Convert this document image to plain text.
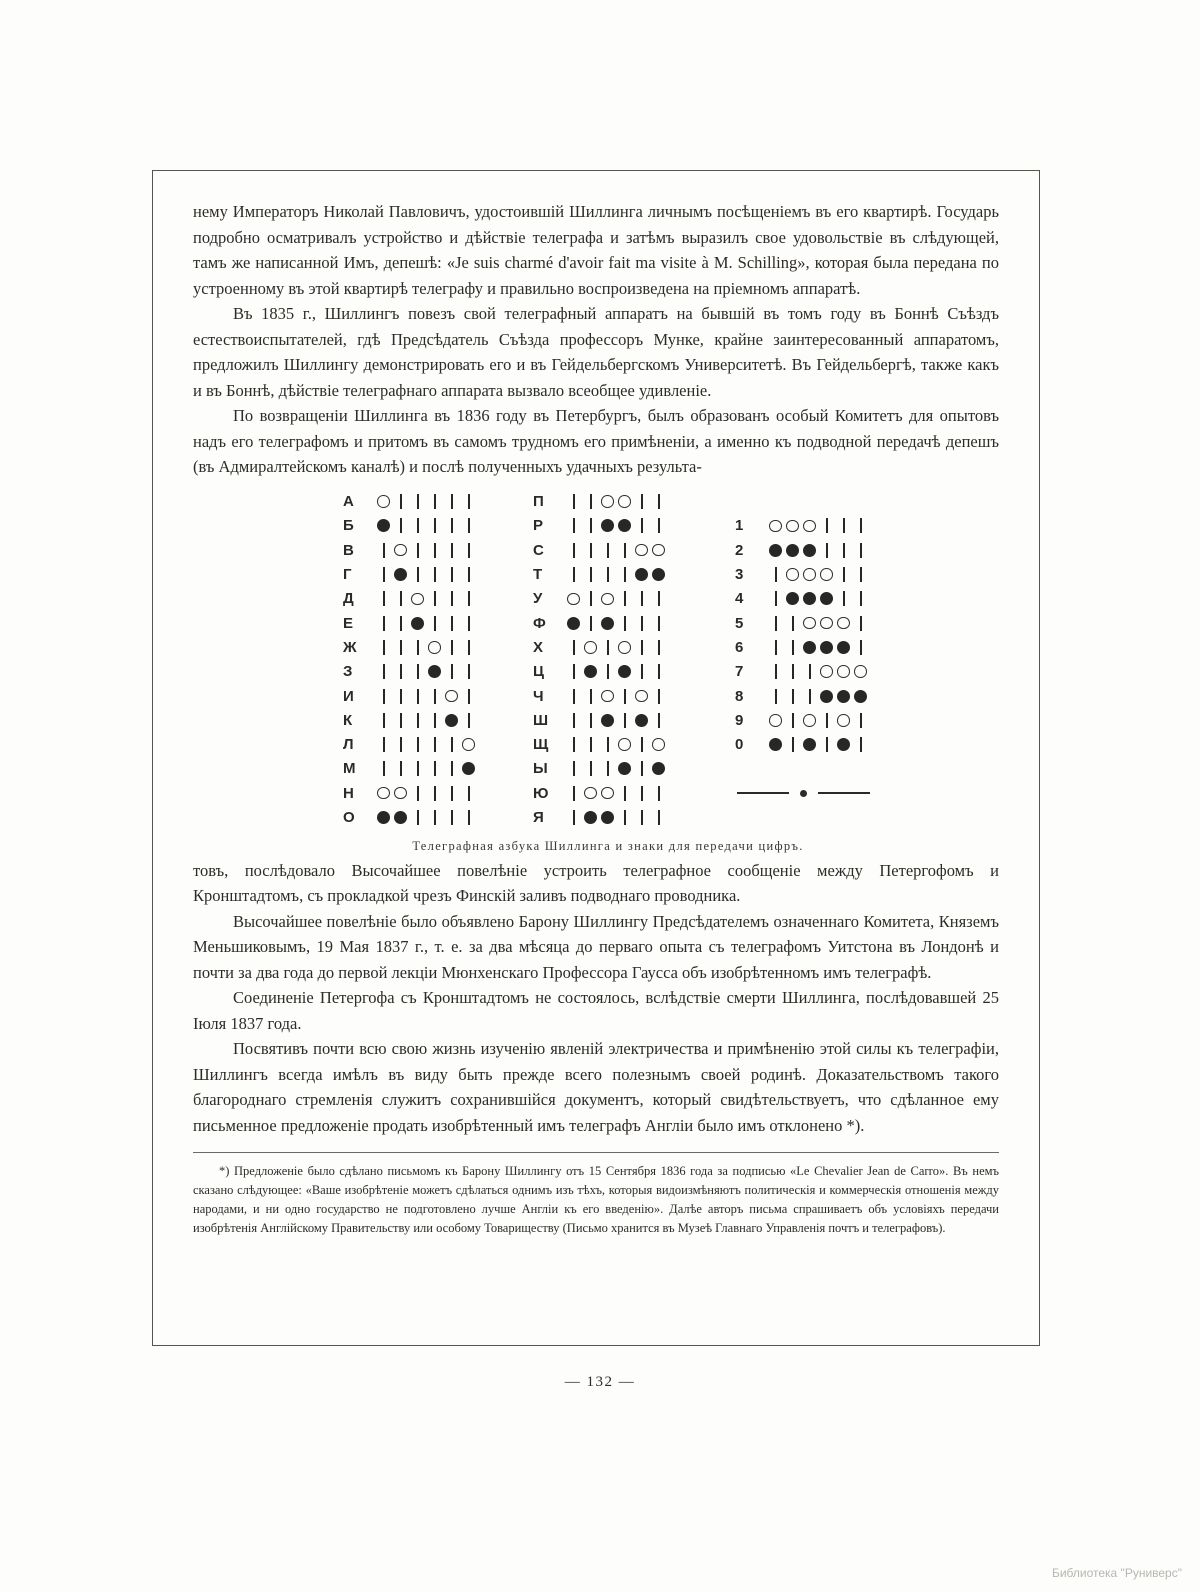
нему Императоръ Николай Павловичъ, удостоившій Шиллинга личнымъ посѣщеніемъ въ его квартирѣ. Государь подробно осматривалъ устройство и дѣйствіе телеграфа и затѣмъ выразилъ свое удовольствіе въ слѣдующей, тамъ же написанной Имъ, депешѣ: «Je suis charmé d'avoir fait ma visite à M. Schilling», которая была передана по устроенному въ этой квартирѣ телеграфу и правильно воспроизведена на пріемномъ аппаратѣ.

Въ 1835 г., Шиллингъ повезъ свой телеграфный аппаратъ на бывшій въ томъ году въ Боннѣ Съѣздъ естествоиспытателей, гдѣ Предсѣдатель Съѣзда профессоръ Мунке, крайне заинтересованный аппаратомъ, предложилъ Шиллингу демонстрировать его и въ Гейдельбергскомъ Университетѣ. Въ Гейдельбергѣ, также какъ и въ Боннѣ, дѣйствіе телеграфнаго аппарата вызвало всеобщее удивленіе.

По возвращеніи Шиллинга въ 1836 году въ Петербургъ, былъ образованъ особый Комитетъ для опытовъ надъ его телеграфомъ и притомъ въ самомъ трудномъ его примѣненіи, а именно къ подводной передачѣ депешъ (въ Адмиралтейскомъ каналѣ) и послѣ полученныхъ удачныхъ результа-

А
Б
В
Г
Д
Е
Ж
З
И
К
Л
М
Н
О
П
Р
С
Т
У
Ф
Х
Ц
Ч
Ш
Щ
Ы
Ю
Я
1
2
3
4
5
6
7
8
9
0
Телеграфная азбука Шиллинга и знаки для передачи цифръ.

товъ, послѣдовало Высочайшее повелѣніе устроить телеграфное сообщеніе между Петергофомъ и Кронштадтомъ, съ прокладкой чрезъ Финскій заливъ подводнаго проводника.

Высочайшее повелѣніе было объявлено Барону Шиллингу Предсѣдателемъ означеннаго Комитета, Княземъ Меньшиковымъ, 19 Мая 1837 г., т. е. за два мѣсяца до перваго опыта съ телеграфомъ Уитстона въ Лондонѣ и почти за два года до первой лекціи Мюнхенскаго Профессора Гаусса объ изобрѣтенномъ имъ телеграфѣ.

Соединеніе Петергофа съ Кронштадтомъ не состоялось, вслѣдствіе смерти Шиллинга, послѣдовавшей 25 Іюля 1837 года.

Посвятивъ почти всю свою жизнь изученію явленій электричества и примѣненію этой силы къ телеграфіи, Шиллингъ всегда имѣлъ въ виду быть прежде всего полезнымъ своей родинѣ. Доказательствомъ такого благороднаго стремленія служитъ сохранившійся документъ, который свидѣтельствуетъ, что сдѣланное ему письменное предложеніе продать изобрѣтенный имъ телеграфъ Англіи было имъ отклонено *).

*) Предложеніе было сдѣлано письмомъ къ Барону Шиллингу отъ 15 Сентября 1836 года за подписью «Le Chevalier Jean de Carro». Въ немъ сказано слѣдующее: «Ваше изобрѣтеніе можетъ сдѣлаться однимъ изъ тѣхъ, которыя видоизмѣняютъ политическія и коммерческія отношенія между народами, и ни одно государство не подготовлено лучше Англіи къ его введенію». Далѣе авторъ письма спрашиваетъ объ условіяхъ передачи изобрѣтенія Англійскому Правительству или особому Товариществу (Письмо хранится въ Музеѣ Главнаго Управленія почтъ и телеграфовъ).

— 132 —
Библиотека "Руниверс"
